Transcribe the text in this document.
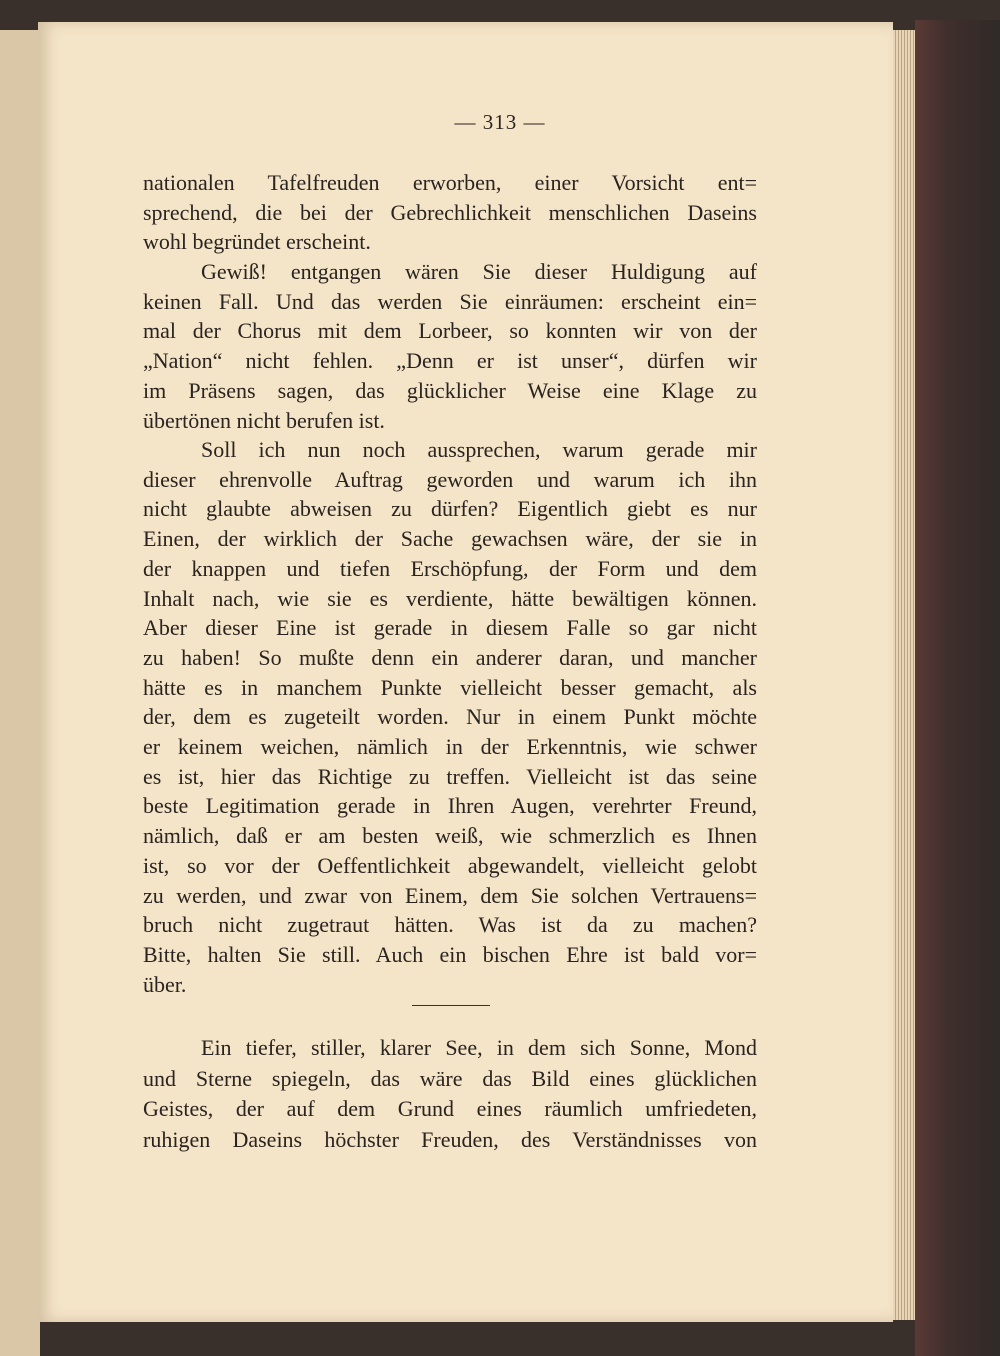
— 313 —
nationalen Tafelfreuden erworben, einer Vorsicht ent=
sprechend, die bei der Gebrechlichkeit menschlichen Daseins
wohl begründet erscheint.
Gewiß! entgangen wären Sie dieser Huldigung auf
keinen Fall. Und das werden Sie einräumen: erscheint ein=
mal der Chorus mit dem Lorbeer, so konnten wir von der
„Nation“ nicht fehlen. „Denn er ist unser“, dürfen wir
im Präsens sagen, das glücklicher Weise eine Klage zu
übertönen nicht berufen ist.
Soll ich nun noch aussprechen, warum gerade mir
dieser ehrenvolle Auftrag geworden und warum ich ihn
nicht glaubte abweisen zu dürfen? Eigentlich giebt es nur
Einen, der wirklich der Sache gewachsen wäre, der sie in
der knappen und tiefen Erschöpfung, der Form und dem
Inhalt nach, wie sie es verdiente, hätte bewältigen können.
Aber dieser Eine ist gerade in diesem Falle so gar nicht
zu haben! So mußte denn ein anderer daran, und mancher
hätte es in manchem Punkte vielleicht besser gemacht, als
der, dem es zugeteilt worden. Nur in einem Punkt möchte
er keinem weichen, nämlich in der Erkenntnis, wie schwer
es ist, hier das Richtige zu treffen. Vielleicht ist das seine
beste Legitimation gerade in Ihren Augen, verehrter Freund,
nämlich, daß er am besten weiß, wie schmerzlich es Ihnen
ist, so vor der Oeffentlichkeit abgewandelt, vielleicht gelobt
zu werden, und zwar von Einem, dem Sie solchen Vertrauens=
bruch nicht zugetraut hätten. Was ist da zu machen?
Bitte, halten Sie still. Auch ein bischen Ehre ist bald vor=
über.
Ein tiefer, stiller, klarer See, in dem sich Sonne, Mond
und Sterne spiegeln, das wäre das Bild eines glücklichen
Geistes, der auf dem Grund eines räumlich umfriedeten,
ruhigen Daseins höchster Freuden, des Verständnisses von
